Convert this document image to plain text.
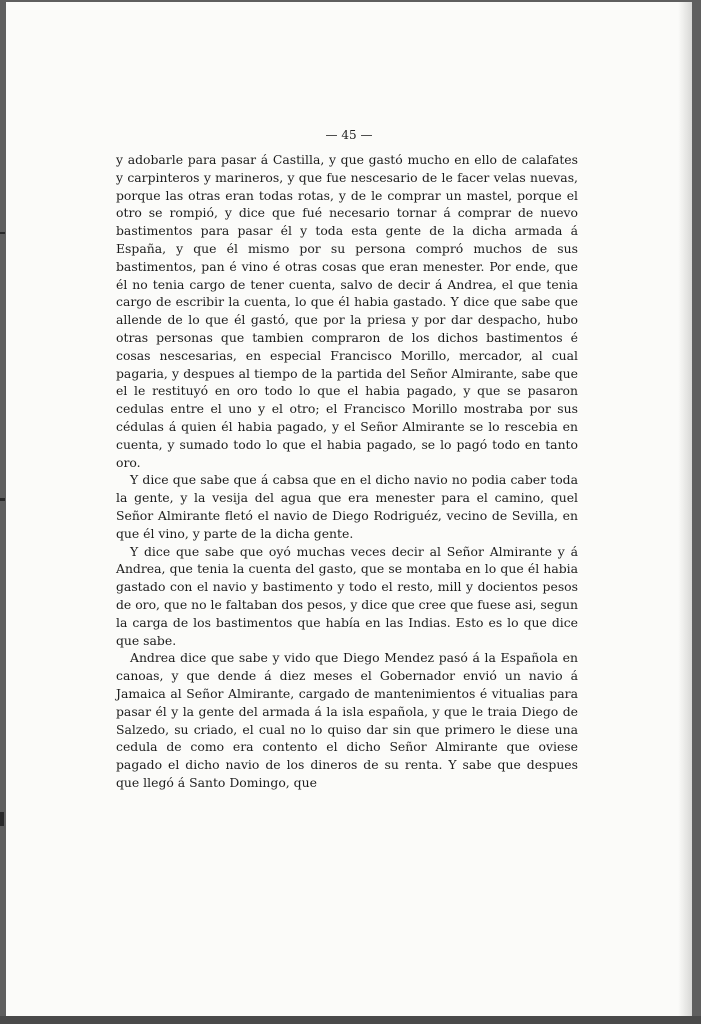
— 45 —

y adobarle para pasar á Castilla, y que gastó mucho en ello de calafates y carpinteros y marineros, y que fue nescesario de le facer velas nuevas, porque las otras eran todas rotas, y de le comprar un mastel, porque el otro se rompió, y dice que fué necesario tornar á comprar de nuevo bastimentos para pasar él y toda esta gente de la dicha armada á España, y que él mismo por su persona compró muchos de sus bastimentos, pan é vino é otras cosas que eran menester. Por ende, que él no tenia cargo de tener cuenta, salvo de decir á Andrea, el que tenia cargo de escribir la cuenta, lo que él habia gastado. Y dice que sabe que allende de lo que él gastó, que por la priesa y por dar despacho, hubo otras personas que tambien compraron de los dichos bastimentos é cosas nescesarias, en especial Francisco Morillo, mercador, al cual pagaria, y despues al tiempo de la partida del Señor Almirante, sabe que el le restituyó en oro todo lo que el habia pagado, y que se pasaron cedulas entre el uno y el otro; el Francisco Morillo mostraba por sus cédulas á quien él habia pagado, y el Señor Almirante se lo rescebia en cuenta, y sumado todo lo que el habia pagado, se lo pagó todo en tanto oro.

Y dice que sabe que á cabsa que en el dicho navio no podia caber toda la gente, y la vesija del agua que era menester para el camino, quel Señor Almirante fletó el navio de Diego Rodriguéz, vecino de Sevilla, en que él vino, y parte de la dicha gente.

Y dice que sabe que oyó muchas veces decir al Señor Almirante y á Andrea, que tenia la cuenta del gasto, que se montaba en lo que él habia gastado con el navio y bastimento y todo el resto, mill y docientos pesos de oro, que no le faltaban dos pesos, y dice que cree que fuese asi, segun la carga de los bastimentos que había en las Indias. Esto es lo que dice que sabe.

Andrea dice que sabe y vido que Diego Mendez pasó á la Española en canoas, y que dende á diez meses el Gobernador envió un navio á Jamaica al Señor Almirante, cargado de mantenimientos é vitualias para pasar él y la gente del armada á la isla española, y que le traia Diego de Salzedo, su criado, el cual no lo quiso dar sin que primero le diese una cedula de como era contento el dicho Señor Almirante que oviese pagado el dicho navio de los dineros de su renta. Y sabe que despues que llegó á Santo Domingo, que
